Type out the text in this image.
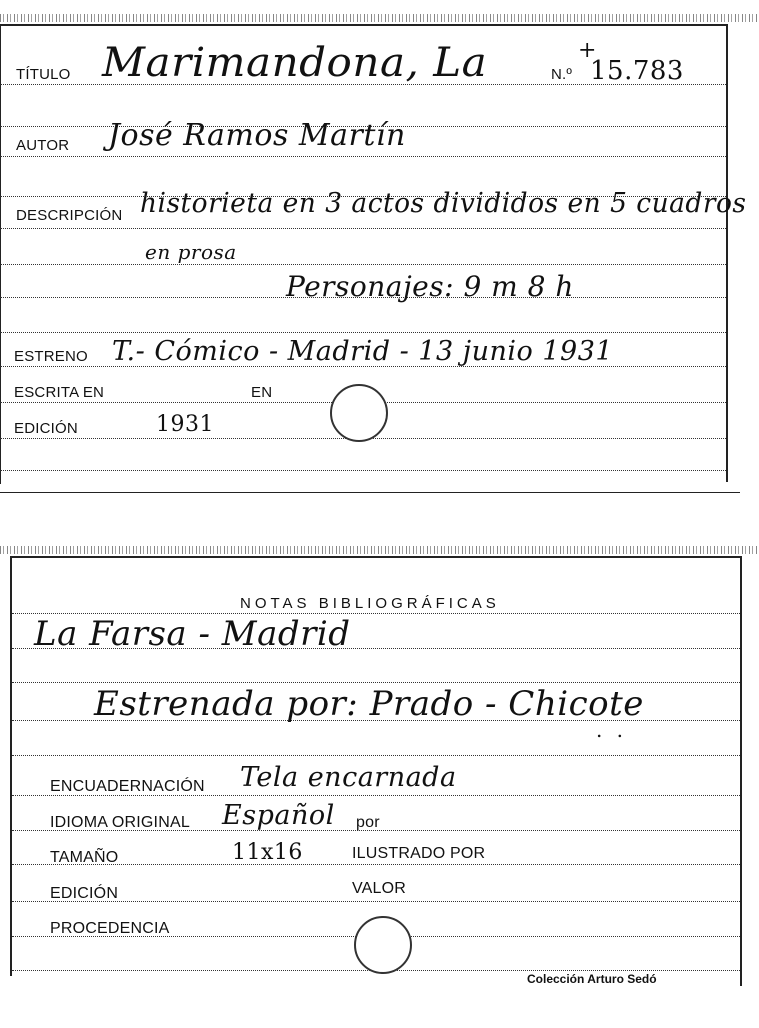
TÍTULO Marimandona, La	N.º 15.783
+
AUTOR José Ramos Martín
DESCRIPCIÓN historieta en 3 actos divididos en 5 cuadros
en prosa
Personajes: 9 m 8 h
ESTRENO T.- Cómico - Madrid - 13 junio 1931
ESCRITA EN	EN
EDICIÓN	1931
NOTAS BIBLIOGRÁFICAS
La Farsa - Madrid
Estrenada por: Prado - Chicote
.  .
ENCUADERNACIÓN Tela encarnada
IDIOMA ORIGINAL Español por
TAMAÑO	11x16	ILUSTRADO POR
EDICIÓN	VALOR
PROCEDENCIA
Colección Arturo Sedó
